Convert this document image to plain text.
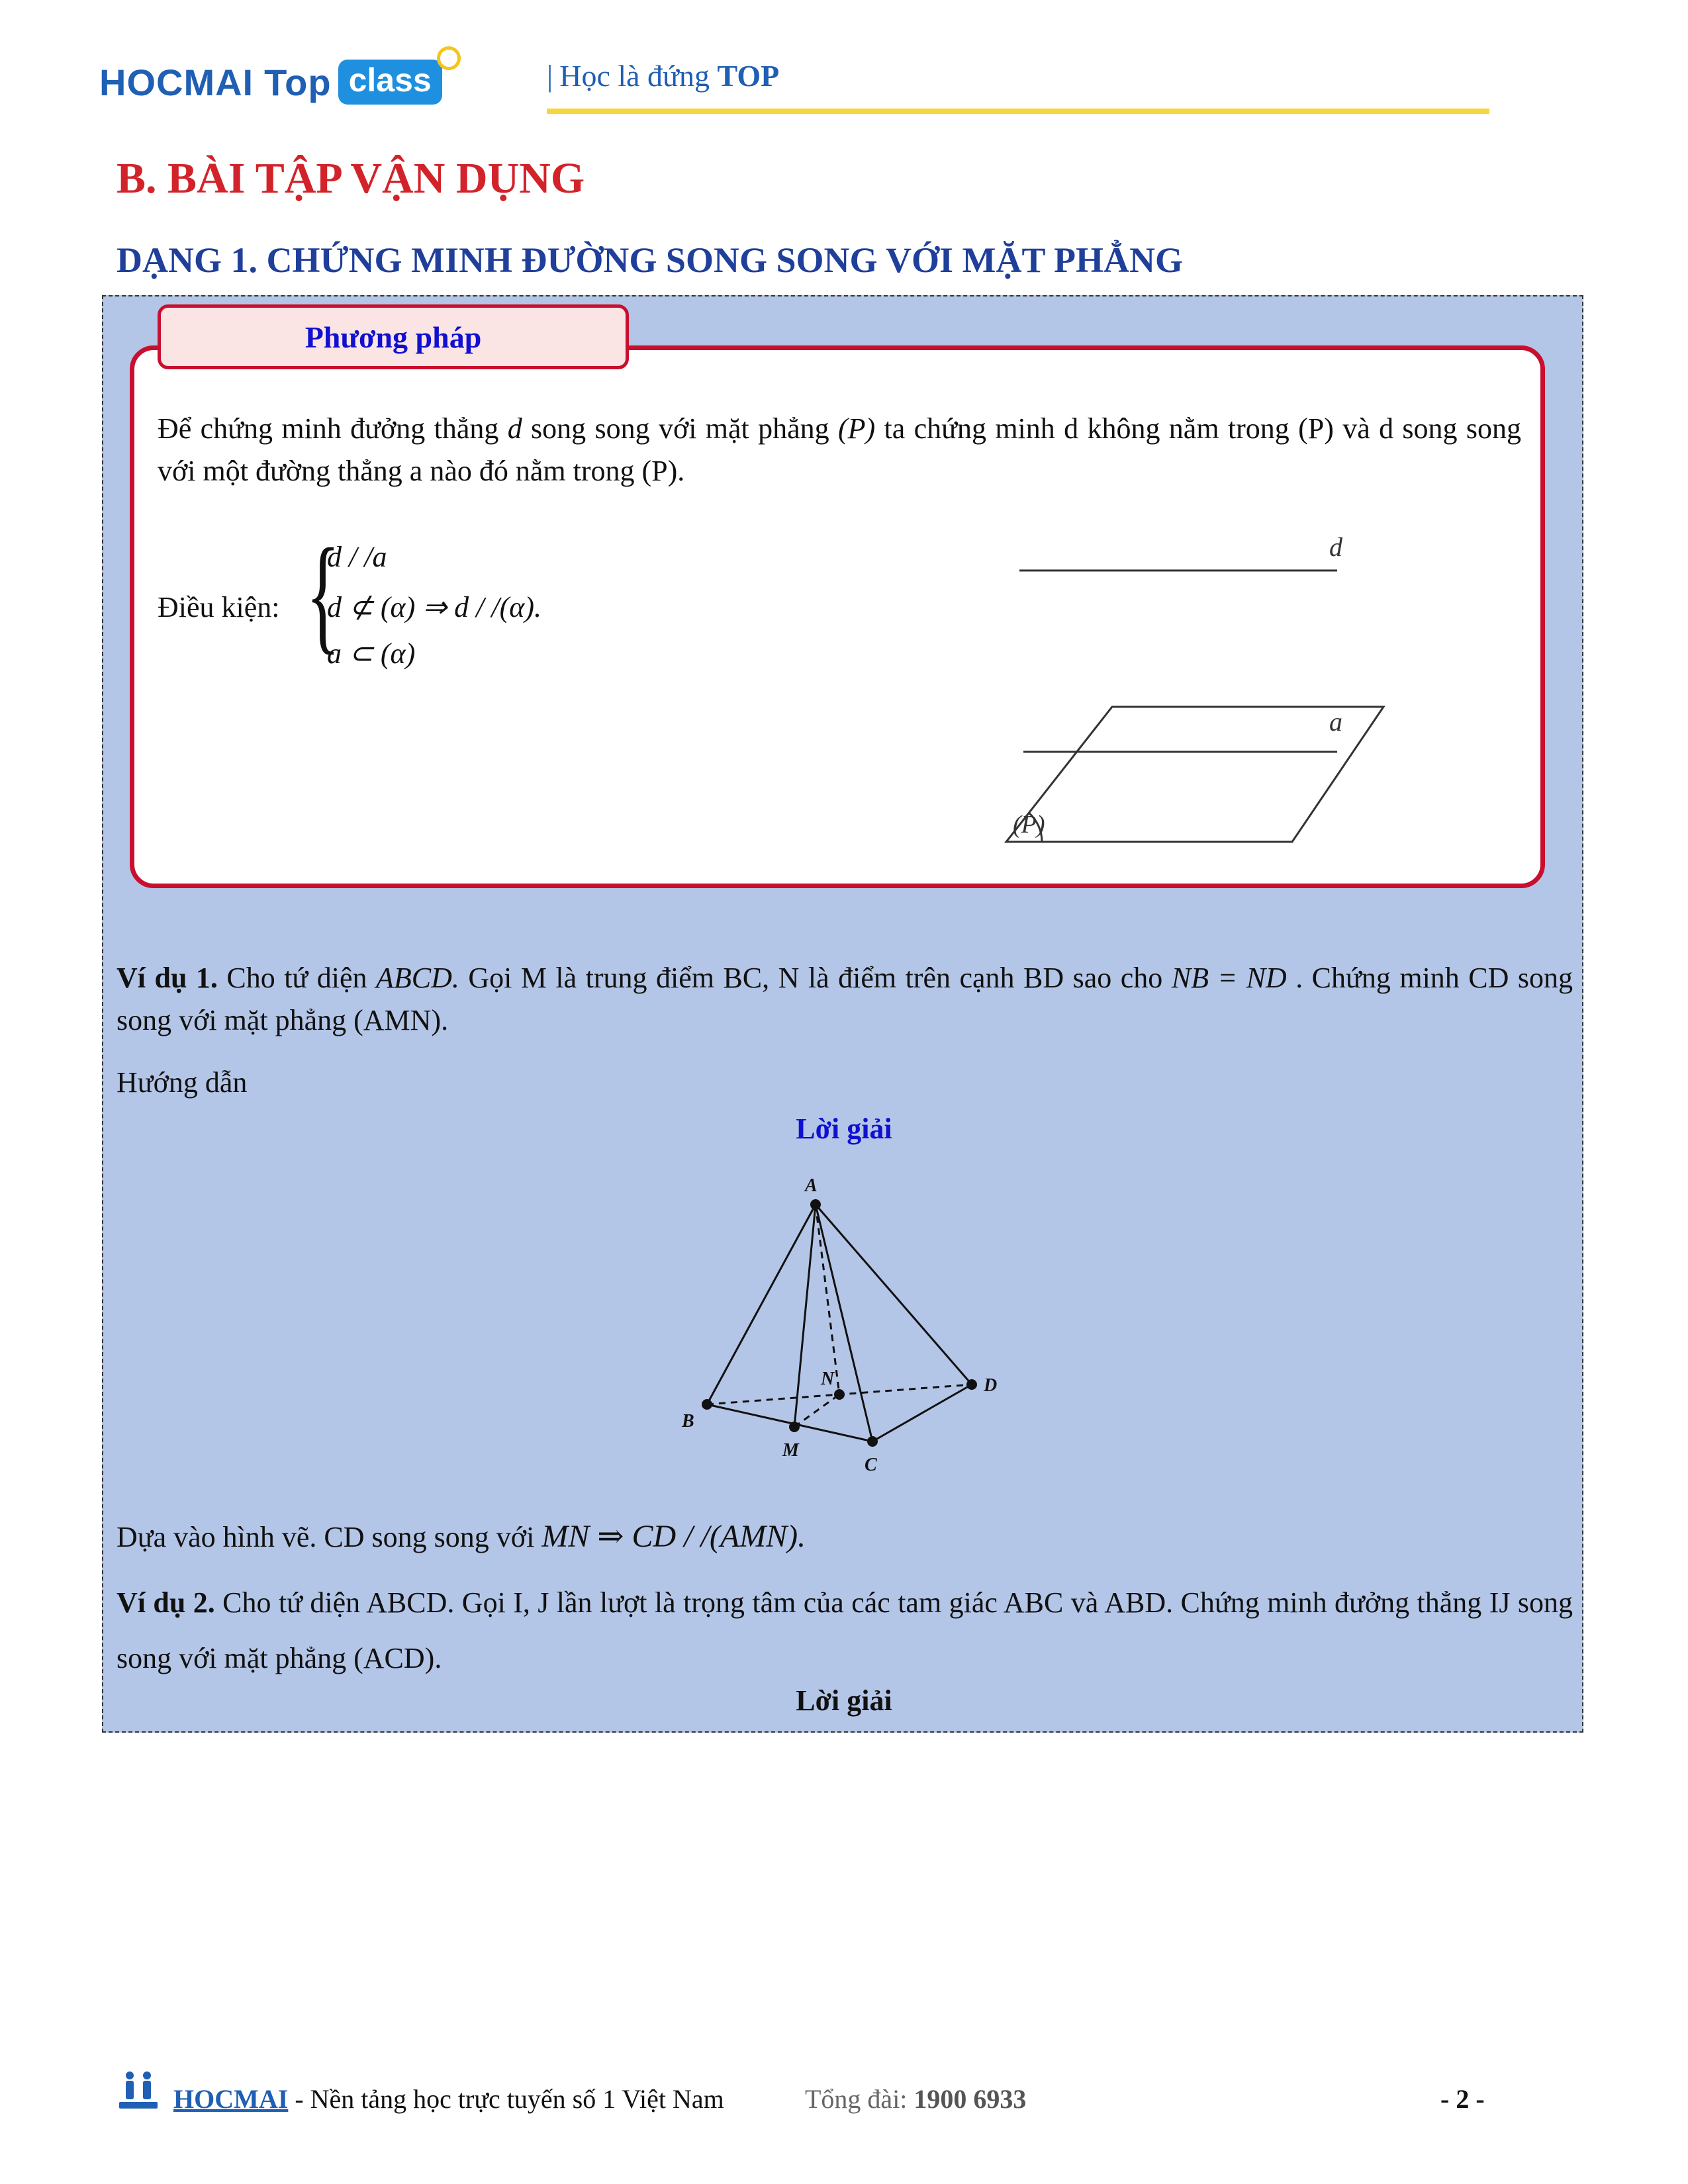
HOCMAI Top class	| Học là đứng TOP
B. BÀI TẬP VẬN DỤNG
DẠNG 1. CHỨNG MINH ĐƯỜNG SONG SONG VỚI MẶT PHẲNG
Phương pháp
Để chứng minh đưởng thẳng d song song với mặt phẳng (P) ta chứng minh d không nằm trong (P) và d song song với một đường thẳng a nào đó nằm trong (P).
Điều kiện: {
d / /a
d ⊄ (α) ⇒ d / /(α).
a ⊂ (α)
d
a
(P)
Ví dụ 1. Cho tứ diện ABCD. Gọi M là trung điểm BC, N là điểm trên cạnh BD sao cho NB = ND . Chứng minh CD song song với mặt phẳng (AMN).
Hướng dẫn
Lời giải
A
B
C
D
M
N
Dựa vào hình vẽ. CD song song với MN ⇒ CD / /(AMN).
Ví dụ 2. Cho tứ diện ABCD. Gọi I, J lần lượt là trọng tâm của các tam giác ABC và ABD. Chứng minh đưởng thẳng IJ song song với mặt phẳng (ACD).
Lời giải
HOCMAI - Nền tảng học trực tuyến số 1 Việt Nam	Tổng đài: 1900 6933	- 2 -
